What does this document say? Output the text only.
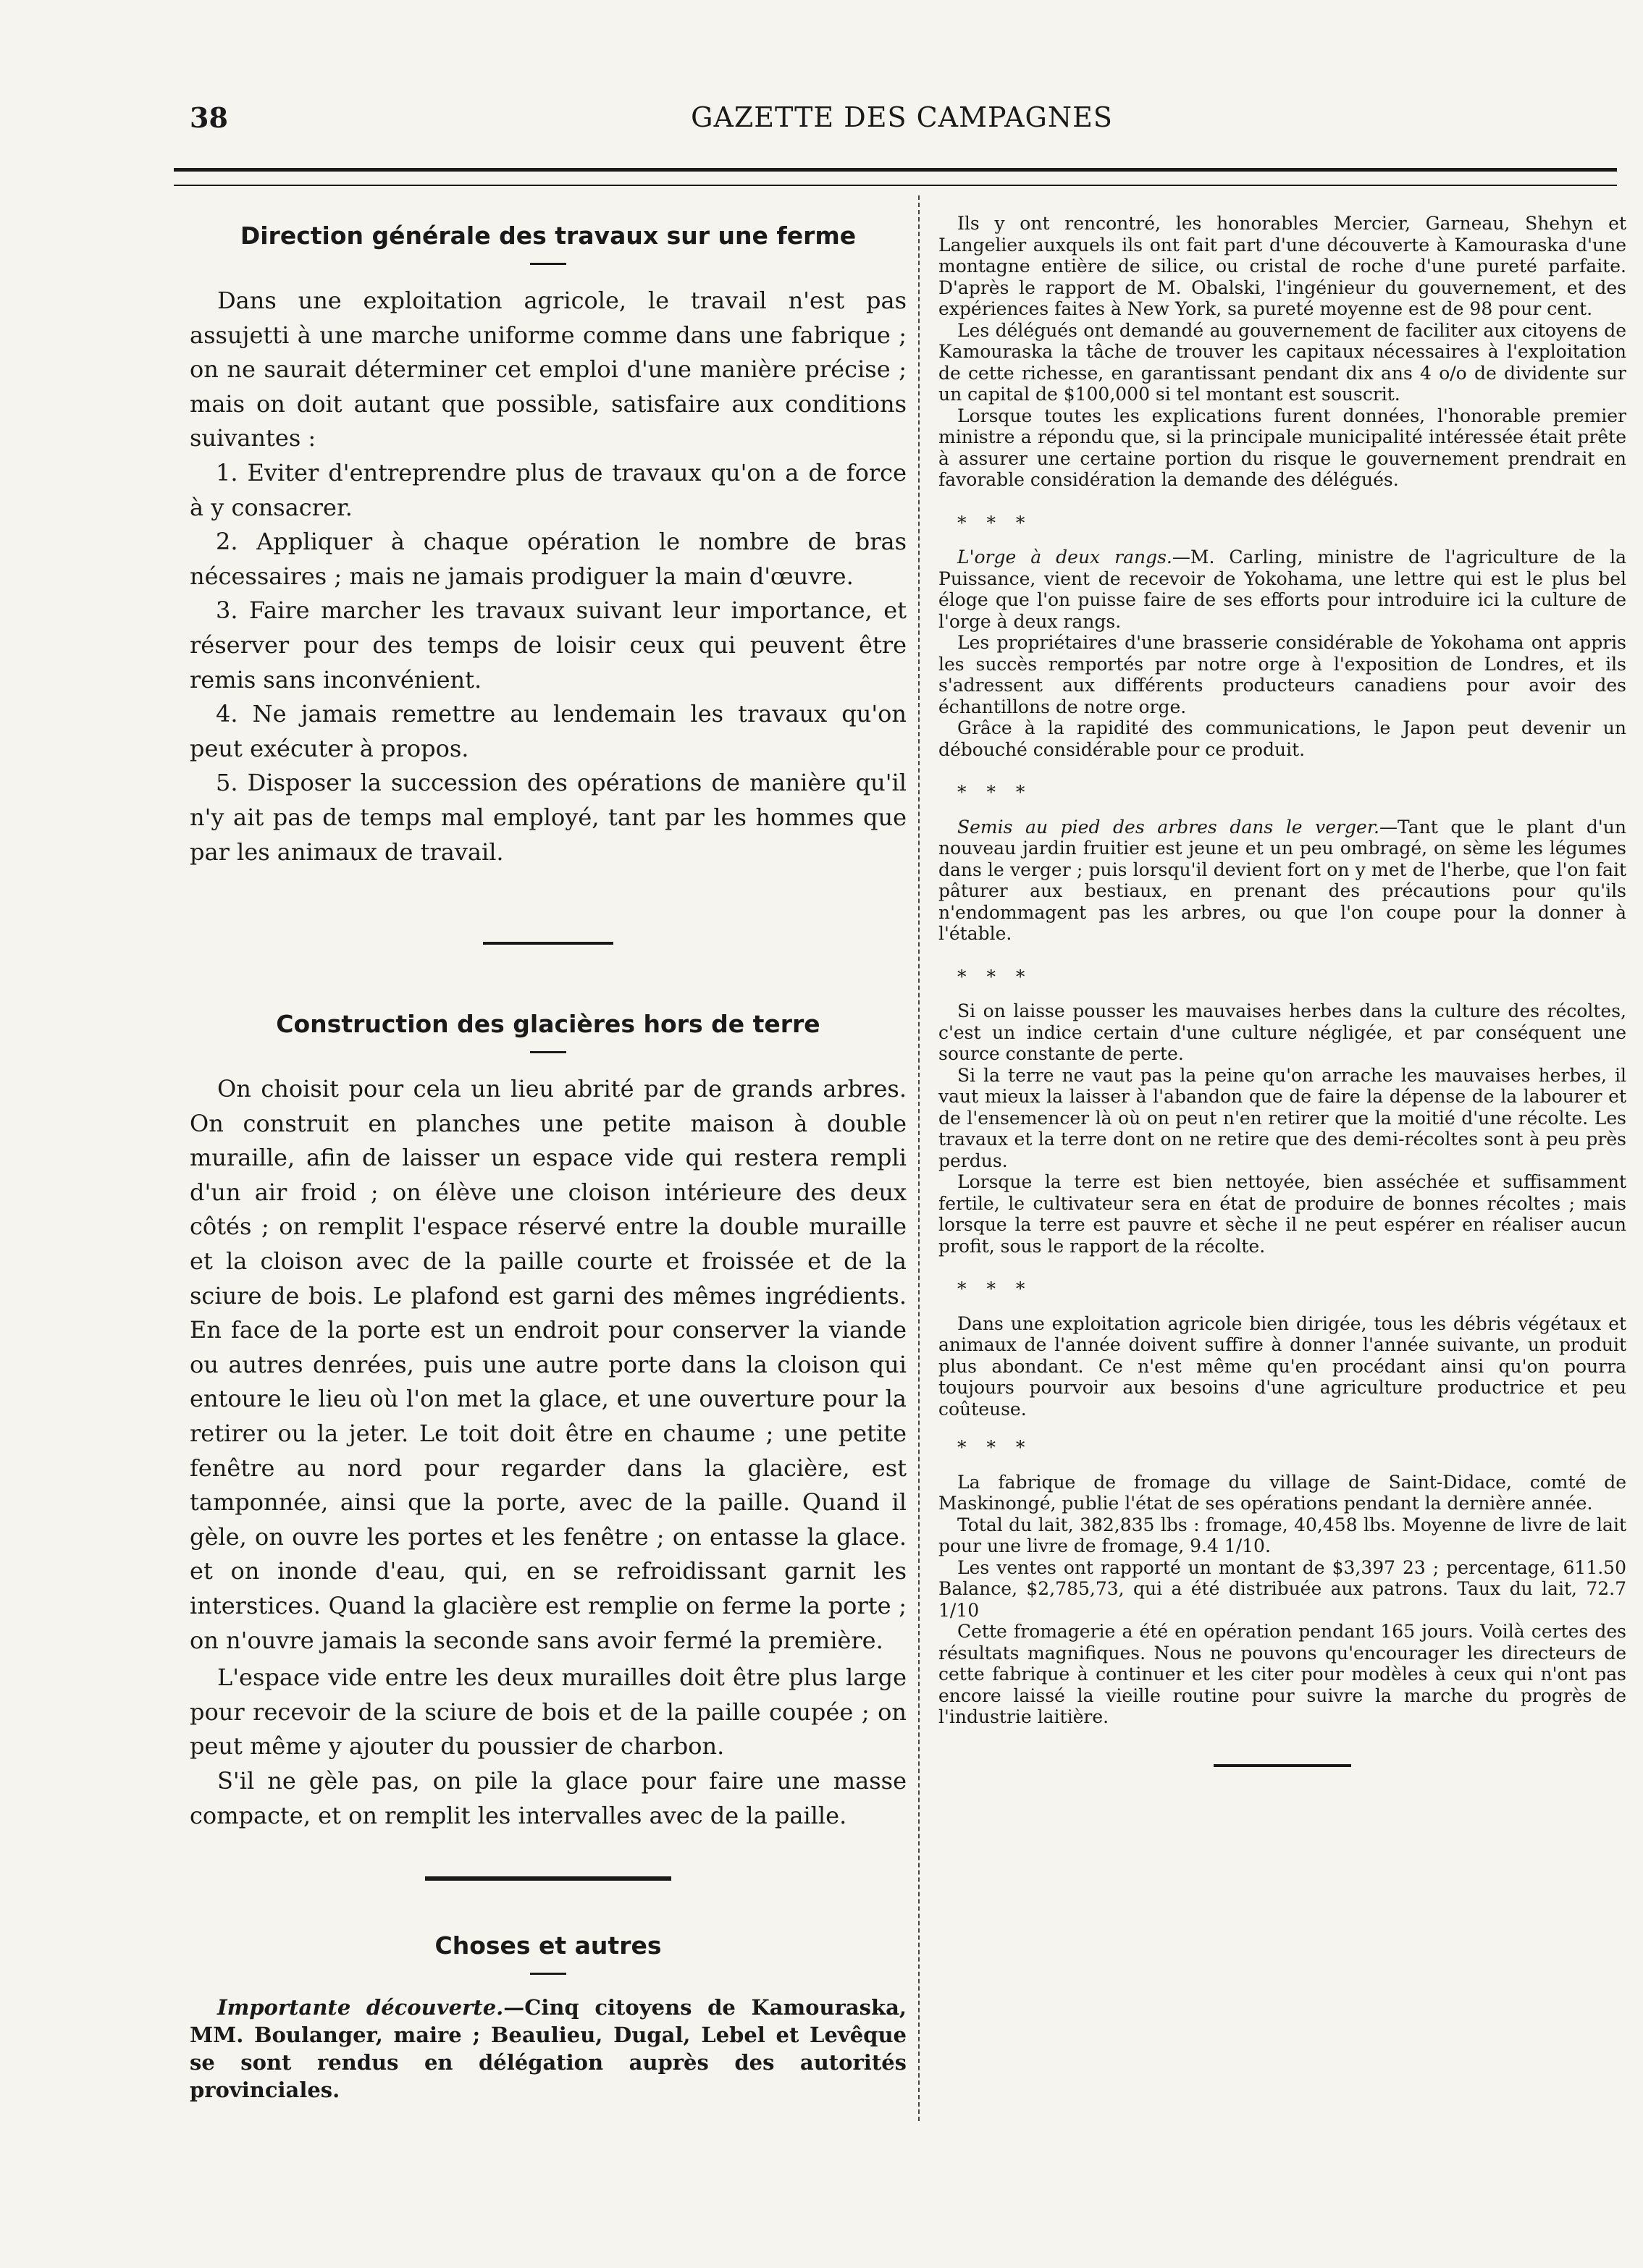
GAZETTE DES CAMPAGNES
38
Direction générale des travaux sur une ferme

Dans une exploitation agricole, le travail n'est pas assujetti à une marche uniforme comme dans une fabrique ; on ne saurait déterminer cet emploi d'une manière précise ; mais on doit autant que possible, satisfaire aux conditions suivantes :

1. Eviter d'entreprendre plus de travaux qu'on a de force à y consacrer.

2. Appliquer à chaque opération le nombre de bras nécessaires ; mais ne jamais prodiguer la main d'œuvre.

3. Faire marcher les travaux suivant leur importance, et réserver pour des temps de loisir ceux qui peuvent être remis sans inconvénient.

4. Ne jamais remettre au lendemain les travaux qu'on peut exécuter à propos.

5. Disposer la succession des opérations de manière qu'il n'y ait pas de temps mal employé, tant par les hommes que par les animaux de travail.

Construction des glacières hors de terre

On choisit pour cela un lieu abrité par de grands arbres. On construit en planches une petite maison à double muraille, afin de laisser un espace vide qui restera rempli d'un air froid ; on élève une cloison intérieure des deux côtés ; on remplit l'espace réservé entre la double muraille et la cloison avec de la paille courte et froissée et de la sciure de bois. Le plafond est garni des mêmes ingrédients. En face de la porte est un endroit pour conserver la viande ou autres denrées, puis une autre porte dans la cloison qui entoure le lieu où l'on met la glace, et une ouverture pour la retirer ou la jeter. Le toit doit être en chaume ; une petite fenêtre au nord pour regarder dans la glacière, est tamponnée, ainsi que la porte, avec de la paille. Quand il gèle, on ouvre les portes et les fenêtre ; on entasse la glace. et on inonde d'eau, qui, en se refroidissant garnit les interstices. Quand la glacière est remplie on ferme la porte ; on n'ouvre jamais la seconde sans avoir fermé la première.

L'espace vide entre les deux murailles doit être plus large pour recevoir de la sciure de bois et de la paille coupée ; on peut même y ajouter du poussier de charbon.

S'il ne gèle pas, on pile la glace pour faire une masse compacte, et on remplit les intervalles avec de la paille.

Choses et autres

Importante découverte.—Cinq citoyens de Kamouraska, MM. Boulanger, maire ; Beaulieu, Dugal, Lebel et Levêque se sont rendus en délégation auprès des autorités provinciales.

Ils y ont rencontré, les honorables Mercier, Garneau, Shehyn et Langelier auxquels ils ont fait part d'une découverte à Kamouraska d'une montagne entière de silice, ou cristal de roche d'une pureté parfaite. D'après le rapport de M. Obalski, l'ingénieur du gouvernement, et des expériences faites à New York, sa pureté moyenne est de 98 pour cent.

Les délégués ont demandé au gouvernement de faciliter aux citoyens de Kamouraska la tâche de trouver les capitaux nécessaires à l'exploitation de cette richesse, en garantissant pendant dix ans 4 o/o de dividente sur un capital de $100,000 si tel montant est souscrit.

Lorsque toutes les explications furent données, l'honorable premier ministre a répondu que, si la principale municipalité intéressée était prête à assurer une certaine portion du risque le gouvernement prendrait en favorable considération la demande des délégués.

* * *

L'orge à deux rangs.—M. Carling, ministre de l'agriculture de la Puissance, vient de recevoir de Yokohama, une lettre qui est le plus bel éloge que l'on puisse faire de ses efforts pour introduire ici la culture de l'orge à deux rangs.

Les propriétaires d'une brasserie considérable de Yokohama ont appris les succès remportés par notre orge à l'exposition de Londres, et ils s'adressent aux différents producteurs canadiens pour avoir des échantillons de notre orge.

Grâce à la rapidité des communications, le Japon peut devenir un débouché considérable pour ce produit.

* * *

Semis au pied des arbres dans le verger.—Tant que le plant d'un nouveau jardin fruitier est jeune et un peu ombragé, on sème les légumes dans le verger ; puis lorsqu'il devient fort on y met de l'herbe, que l'on fait pâturer aux bestiaux, en prenant des précautions pour qu'ils n'endommagent pas les arbres, ou que l'on coupe pour la donner à l'étable.

* * *

Si on laisse pousser les mauvaises herbes dans la culture des récoltes, c'est un indice certain d'une culture négligée, et par conséquent une source constante de perte.

Si la terre ne vaut pas la peine qu'on arrache les mauvaises herbes, il vaut mieux la laisser à l'abandon que de faire la dépense de la labourer et de l'ensemencer là où on peut n'en retirer que la moitié d'une récolte. Les travaux et la terre dont on ne retire que des demi-récoltes sont à peu près perdus.

Lorsque la terre est bien nettoyée, bien asséchée et suffisamment fertile, le cultivateur sera en état de produire de bonnes récoltes ; mais lorsque la terre est pauvre et sèche il ne peut espérer en réaliser aucun profit, sous le rapport de la récolte.

* * *

Dans une exploitation agricole bien dirigée, tous les débris végétaux et animaux de l'année doivent suffire à donner l'année suivante, un produit plus abondant. Ce n'est même qu'en procédant ainsi qu'on pourra toujours pourvoir aux besoins d'une agriculture productrice et peu coûteuse.

* * *

La fabrique de fromage du village de Saint-Didace, comté de Maskinongé, publie l'état de ses opérations pendant la dernière année.

Total du lait, 382,835 lbs : fromage, 40,458 lbs. Moyenne de livre de lait pour une livre de fromage, 9.4 1/10.

Les ventes ont rapporté un montant de $3,397 23 ; percentage, 611.50 Balance, $2,785,73, qui a été distribuée aux patrons. Taux du lait, 72.7 1/10

Cette fromagerie a été en opération pendant 165 jours. Voilà certes des résultats magnifiques. Nous ne pouvons qu'encourager les directeurs de cette fabrique à continuer et les citer pour modèles à ceux qui n'ont pas encore laissé la vieille routine pour suivre la marche du progrès de l'industrie laitière.
